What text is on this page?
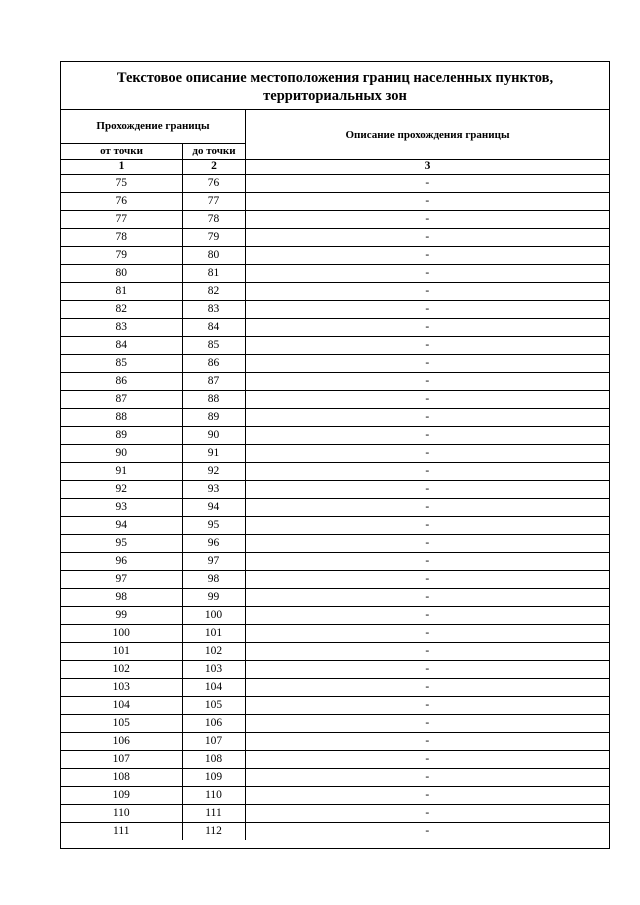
Текстовое описание местоположения границ населенных пунктов,
территориальных зон
Прохождение границы
Описание прохождения границы
от точки	до точки
1	2	3
75	76	-
76	77	-
77	78	-
78	79	-
79	80	-
80	81	-
81	82	-
82	83	-
83	84	-
84	85	-
85	86	-
86	87	-
87	88	-
88	89	-
89	90	-
90	91	-
91	92	-
92	93	-
93	94	-
94	95	-
95	96	-
96	97	-
97	98	-
98	99	-
99	100	-
100	101	-
101	102	-
102	103	-
103	104	-
104	105	-
105	106	-
106	107	-
107	108	-
108	109	-
109	110	-
110	111	-
111	112	-
